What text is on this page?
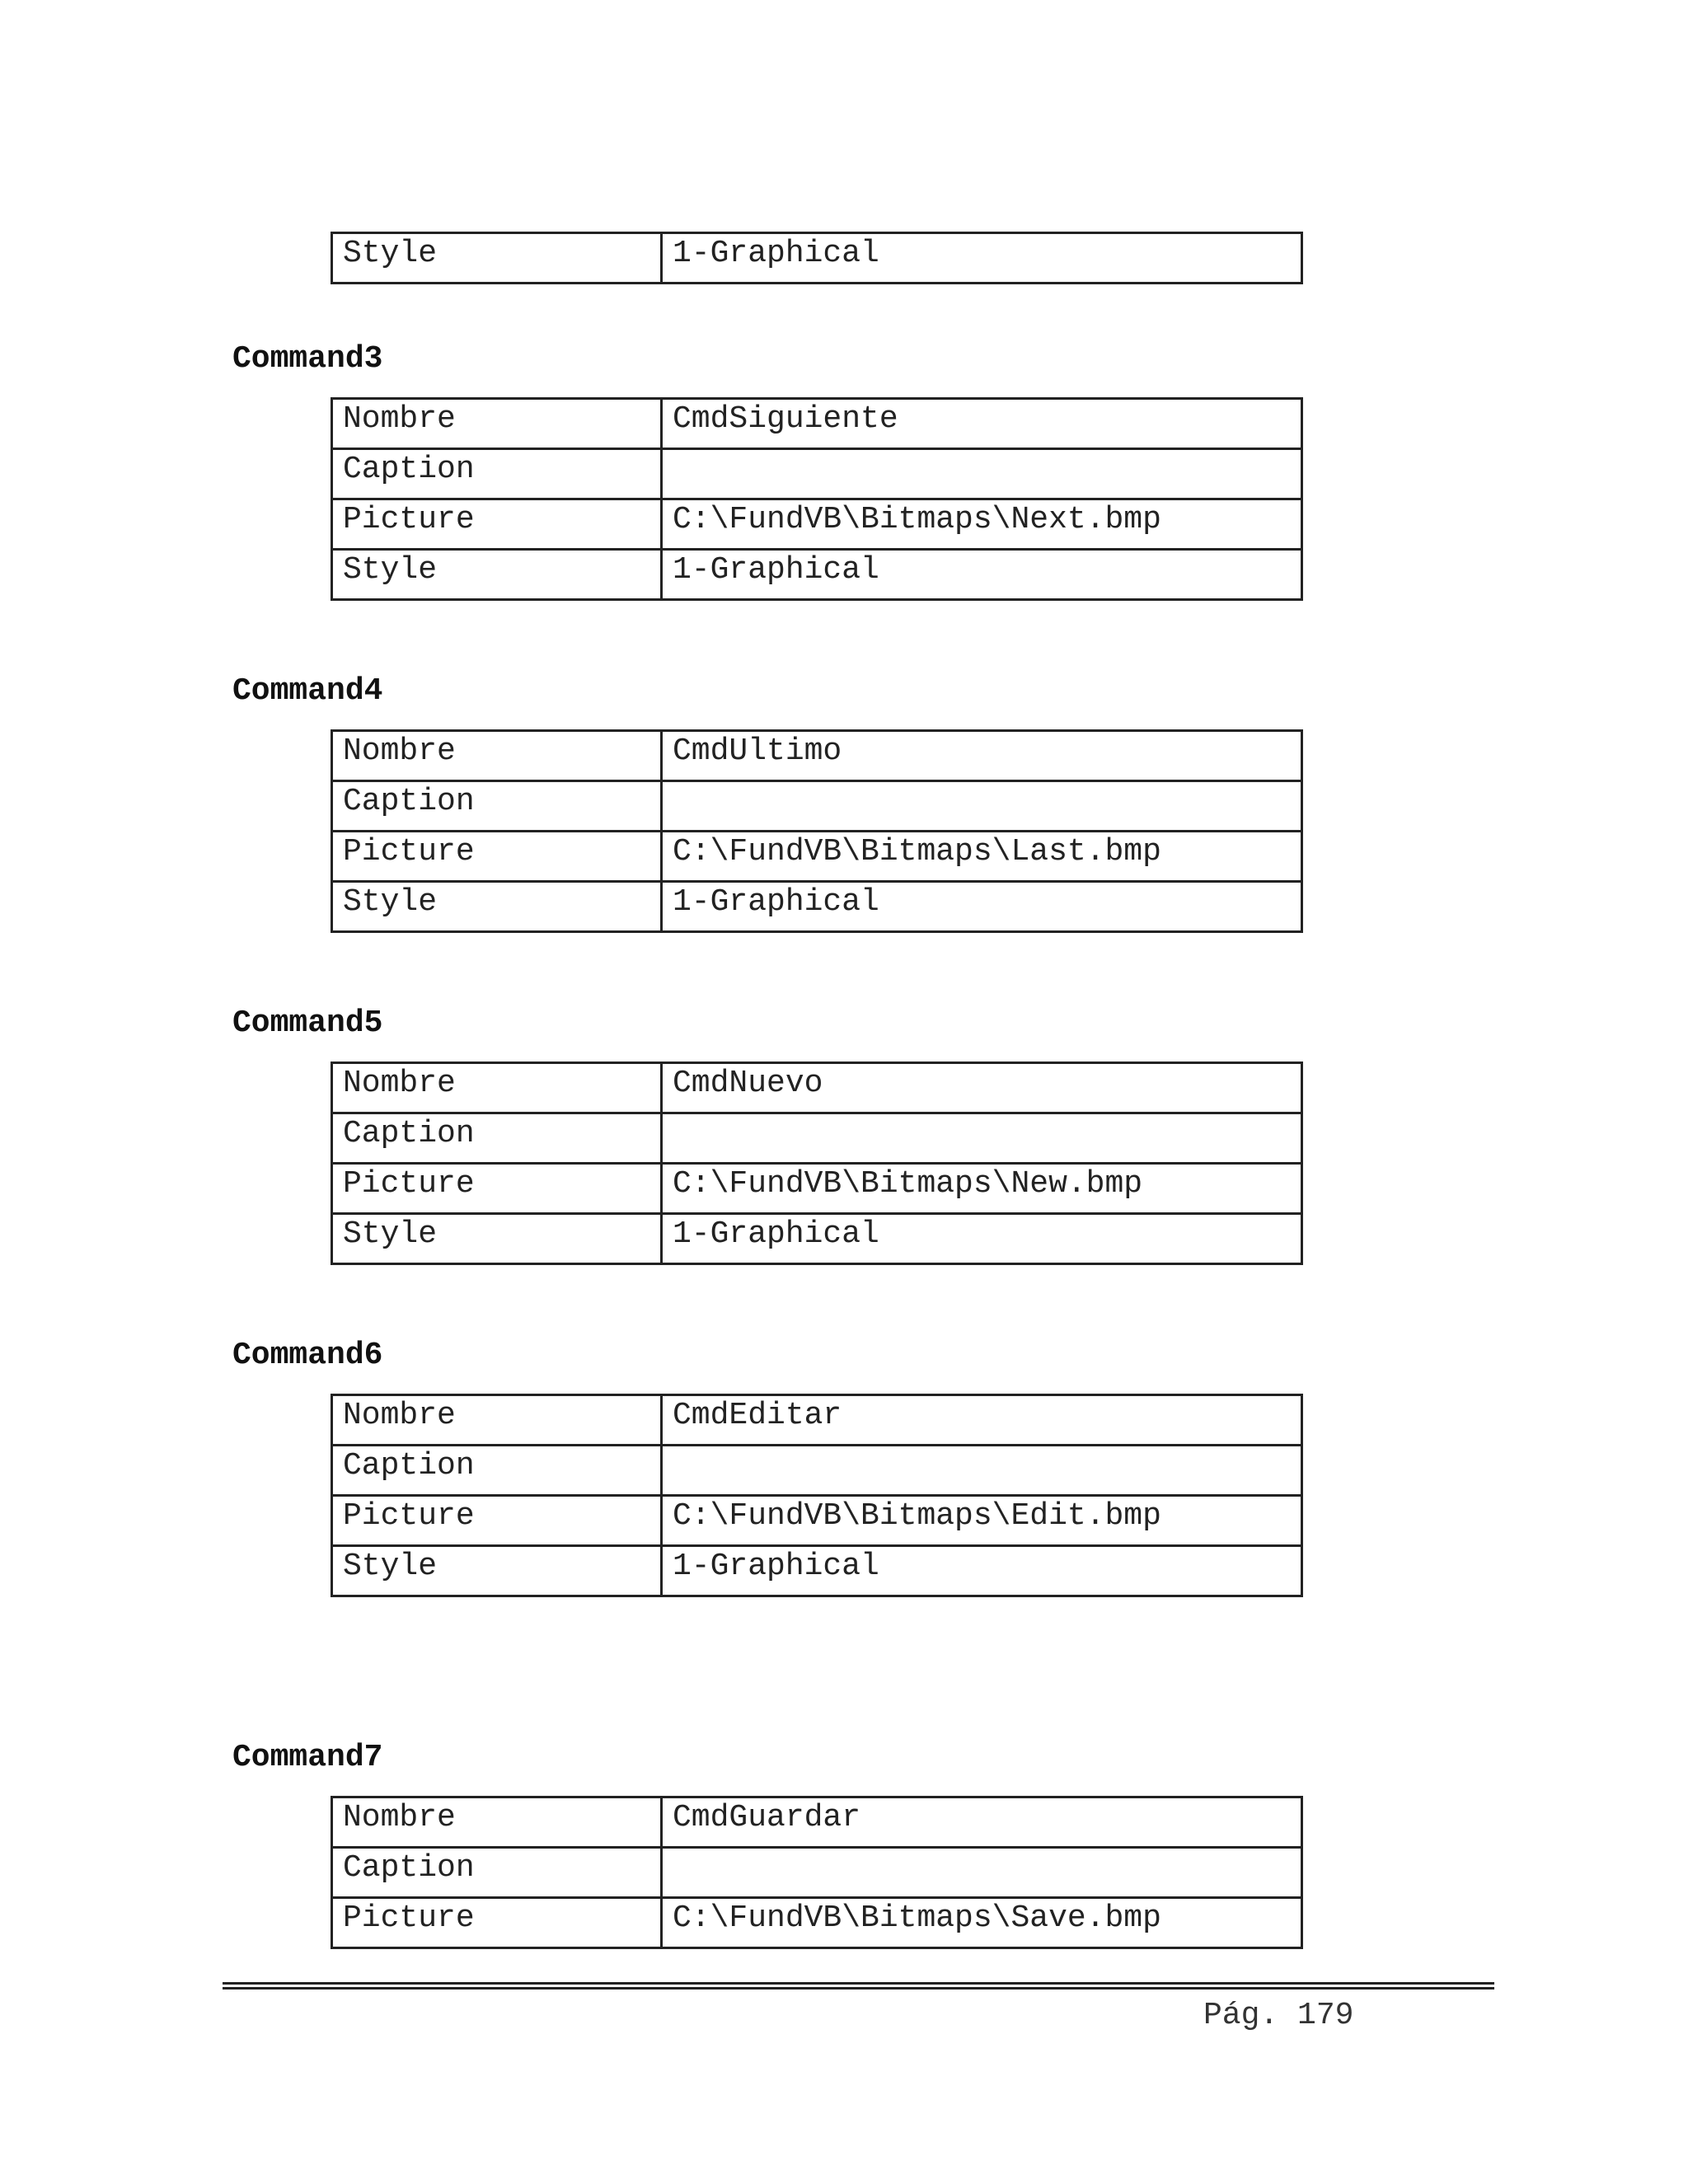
Style	1-Graphical
Command3
Nombre	CmdSiguiente
Caption	
Picture	C:\FundVB\Bitmaps\Next.bmp
Style	1-Graphical
Command4
Nombre	CmdUltimo
Caption	
Picture	C:\FundVB\Bitmaps\Last.bmp
Style	1-Graphical
Command5
Nombre	CmdNuevo
Caption	
Picture	C:\FundVB\Bitmaps\New.bmp
Style	1-Graphical
Command6
Nombre	CmdEditar
Caption	
Picture	C:\FundVB\Bitmaps\Edit.bmp
Style	1-Graphical
Command7
Nombre	CmdGuardar
Caption	
Picture	C:\FundVB\Bitmaps\Save.bmp
Pág. 179
